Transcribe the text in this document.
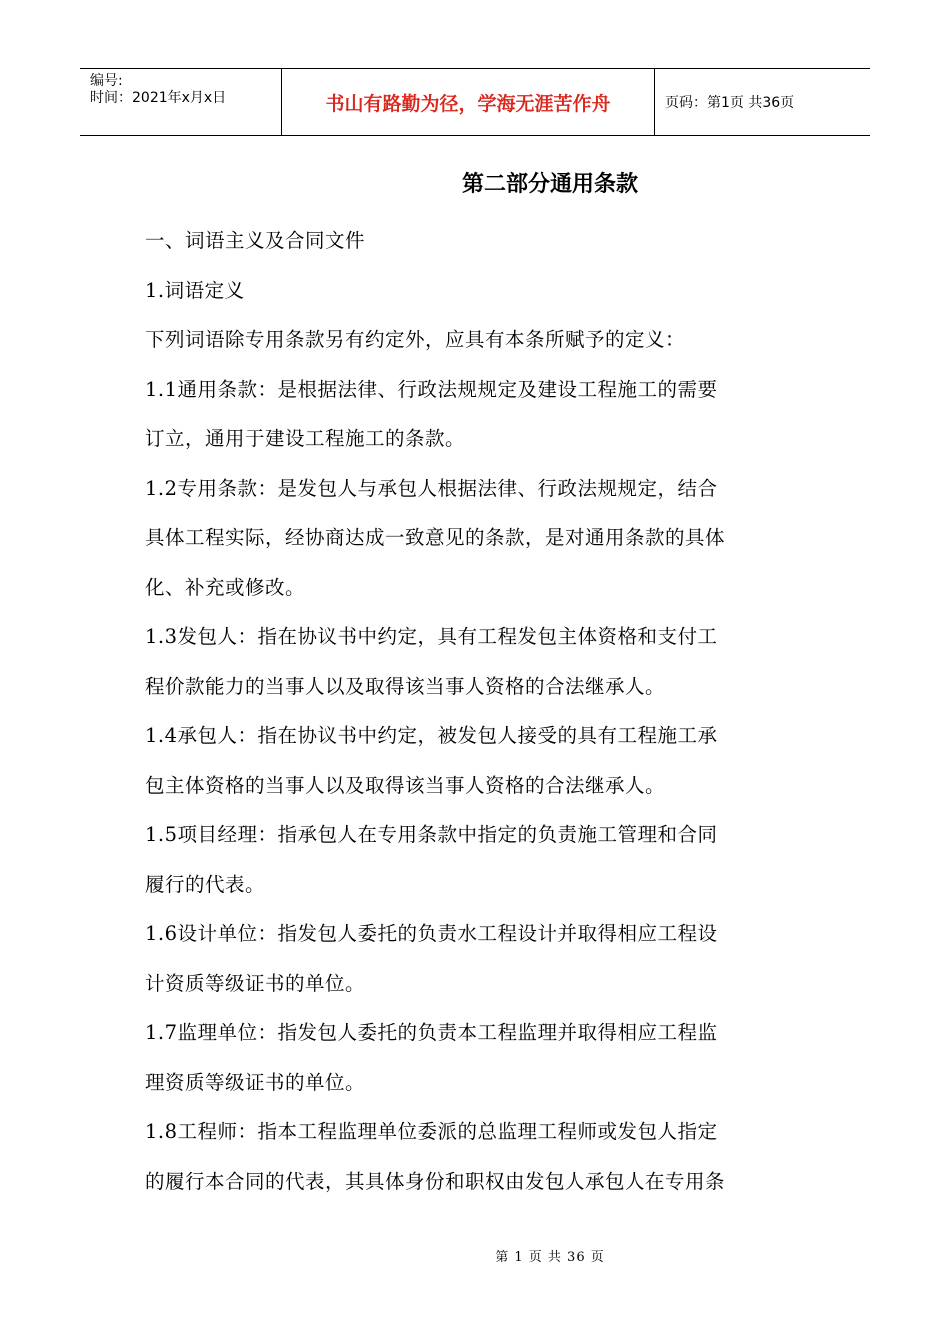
编号:
时间：2021年x月x日	书山有路勤为径，学海无涯苦作舟	页码：第1页 共36页
第二部分通用条款

一、词语主义及合同文件

1.词语定义

下列词语除专用条款另有约定外，应具有本条所赋予的定义：

1.1通用条款：是根据法律、行政法规规定及建设工程施工的需要

订立，通用于建设工程施工的条款。

1.2专用条款：是发包人与承包人根据法律、行政法规规定，结合

具体工程实际，经协商达成一致意见的条款，是对通用条款的具体

化、补充或修改。

1.3发包人：指在协议书中约定，具有工程发包主体资格和支付工

程价款能力的当事人以及取得该当事人资格的合法继承人。

1.4承包人：指在协议书中约定，被发包人接受的具有工程施工承

包主体资格的当事人以及取得该当事人资格的合法继承人。

1.5项目经理：指承包人在专用条款中指定的负责施工管理和合同

履行的代表。

1.6设计单位：指发包人委托的负责水工程设计并取得相应工程设

计资质等级证书的单位。

1.7监理单位：指发包人委托的负责本工程监理并取得相应工程监

理资质等级证书的单位。

1.8工程师：指本工程监理单位委派的总监理工程师或发包人指定

的履行本合同的代表，其具体身份和职权由发包人承包人在专用条

第 1 页 共 36 页
